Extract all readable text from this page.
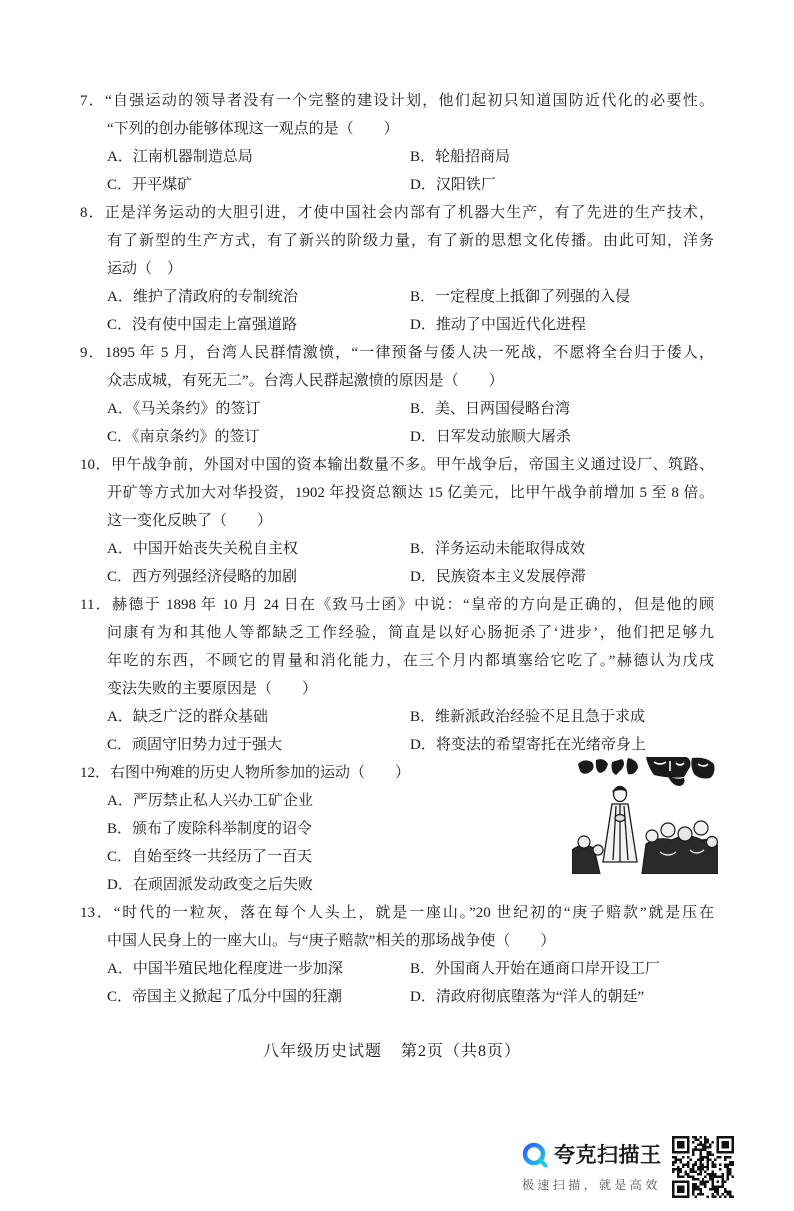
7．“自强运动的领导者没有一个完整的建设计划，他们起初只知道国防近代化的必要性。
“下列的创办能够体现这一观点的是（　　）
A．江南机器制造总局	B．轮船招商局
C．开平煤矿	D．汉阳铁厂
8．正是洋务运动的大胆引进，才使中国社会内部有了机器大生产，有了先进的生产技术，
有了新型的生产方式，有了新兴的阶级力量，有了新的思想文化传播。由此可知，洋务
运动（　）
A．维护了清政府的专制统治	B．一定程度上抵御了列强的入侵
C．没有使中国走上富强道路	D．推动了中国近代化进程
9．1895 年 5 月，台湾人民群情激愤，“一律预备与倭人决一死战，不愿将全台归于倭人，
众志成城，有死无二”。台湾人民群起激愤的原因是（　　）
A．《马关条约》的签订	B．美、日两国侵略台湾
C．《南京条约》的签订	D．日军发动旅顺大屠杀
10．甲午战争前，外国对中国的资本输出数量不多。甲午战争后，帝国主义通过设厂、筑路、
开矿等方式加大对华投资，1902 年投资总额达 15 亿美元，比甲午战争前增加 5 至 8 倍。
这一变化反映了（　　）
A．中国开始丧失关税自主权	B．洋务运动未能取得成效
C．西方列强经济侵略的加剧	D．民族资本主义发展停滞
11．赫德于 1898 年 10 月 24 日在《致马士函》中说：“皇帝的方向是正确的，但是他的顾
问康有为和其他人等都缺乏工作经验，简直是以好心肠扼杀了‘进步’，他们把足够九
年吃的东西，不顾它的胃量和消化能力，在三个月内都填塞给它吃了。”赫德认为戊戌
变法失败的主要原因是（　　）
A．缺乏广泛的群众基础	B．维新派政治经验不足且急于求成
C．顽固守旧势力过于强大	D．将变法的希望寄托在光绪帝身上
12．右图中殉难的历史人物所参加的运动（　　）
A．严厉禁止私人兴办工矿企业
B．颁布了废除科举制度的诏令
C．自始至终一共经历了一百天
D．在顽固派发动政变之后失败
13．“时代的一粒灰，落在每个人头上，就是一座山。”20 世纪初的“庚子赔款”就是压在
中国人民身上的一座大山。与“庚子赔款”相关的那场战争使（　　）
A．中国半殖民地化程度进一步加深	B．外国商人开始在通商口岸开设工厂
C．帝国主义掀起了瓜分中国的狂潮	D．清政府彻底堕落为“洋人的朝廷”
八年级历史试题 第2页（共8页）
夸克扫描王
极速扫描，就是高效
